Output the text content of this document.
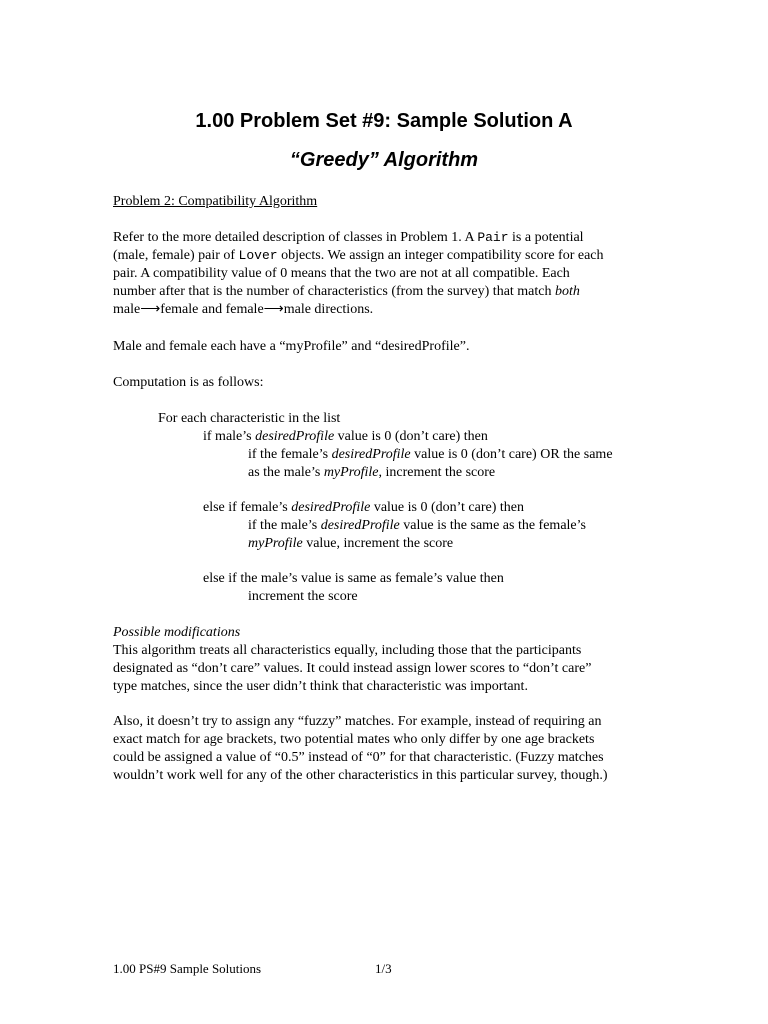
1.00 Problem Set #9: Sample Solution A
“Greedy” Algorithm
Problem 2: Compatibility Algorithm
Refer to the more detailed description of classes in Problem 1. A Pair is a potential
(male, female) pair of Lover objects. We assign an integer compatibility score for each
pair. A compatibility value of 0 means that the two are not at all compatible. Each
number after that is the number of characteristics (from the survey) that match both
male⟶female and female⟶male directions.
Male and female each have a “myProfile” and “desiredProfile”.
Computation is as follows:
For each characteristic in the list
if male’s desiredProfile value is 0 (don’t care) then
if the female’s desiredProfile value is 0 (don’t care) OR the same
as the male’s myProfile, increment the score
else if female’s desiredProfile value is 0 (don’t care) then
if the male’s desiredProfile value is the same as the female’s
myProfile value, increment the score
else if the male’s value is same as female’s value then
increment the score
Possible modifications
This algorithm treats all characteristics equally, including those that the participants
designated as “don’t care” values. It could instead assign lower scores to “don’t care”
type matches, since the user didn’t think that characteristic was important.
Also, it doesn’t try to assign any “fuzzy” matches. For example, instead of requiring an
exact match for age brackets, two potential mates who only differ by one age brackets
could be assigned a value of “0.5” instead of “0” for that characteristic. (Fuzzy matches
wouldn’t work well for any of the other characteristics in this particular survey, though.)
1.00 PS#9 Sample Solutions	1/3
